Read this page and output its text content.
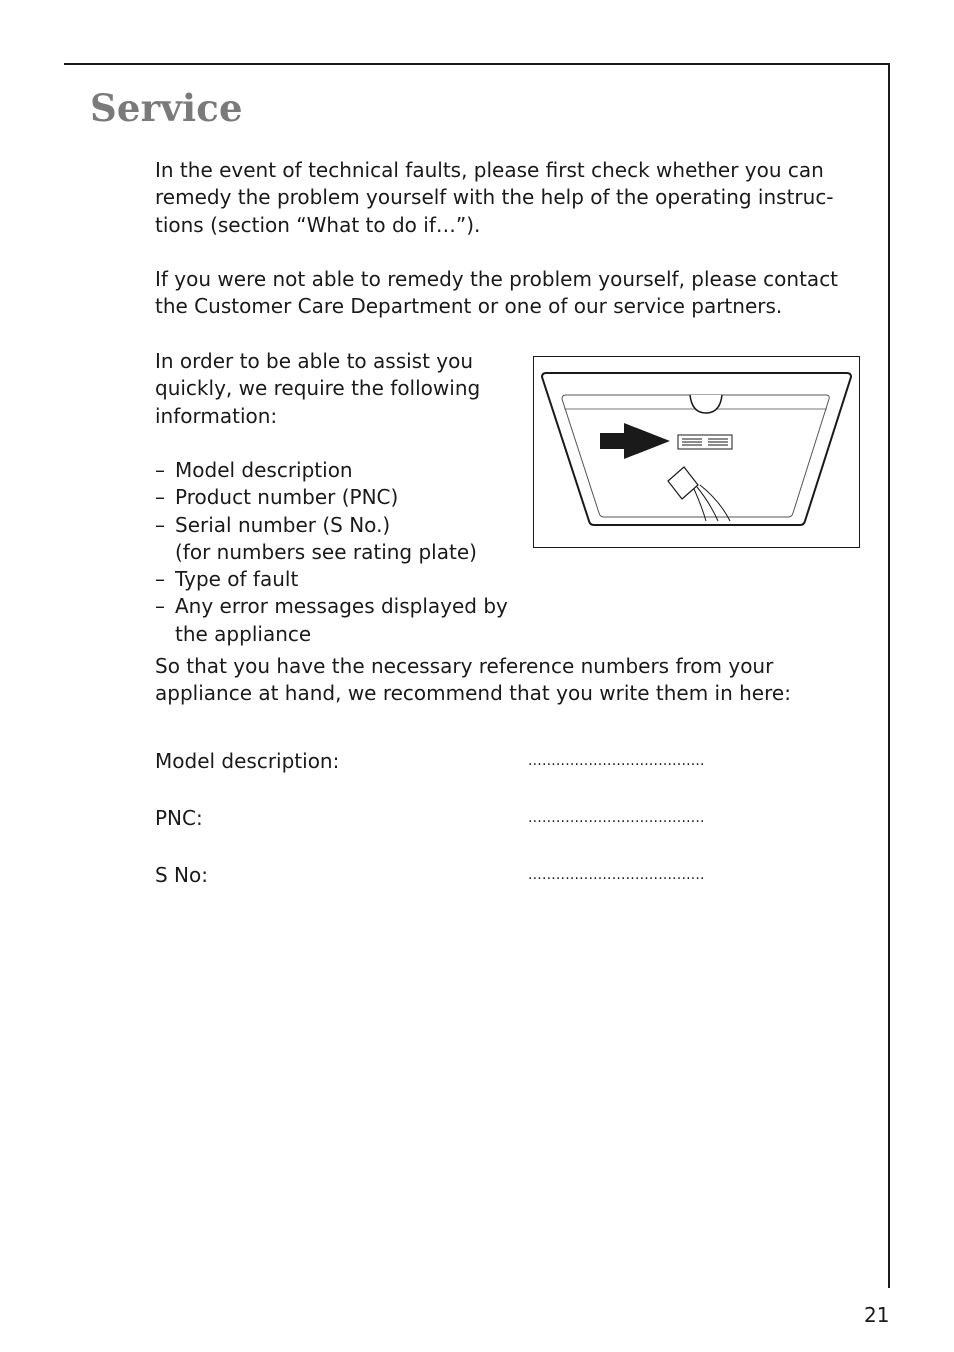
Service

In the event of technical faults, please first check whether you can remedy the problem yourself with the help of the operating instruc-tions (section “What to do if…”).

If you were not able to remedy the problem yourself, please contact the Customer Care Department or one of our service partners.

In order to be able to assist you quickly, we require the following information:

– Model description
– Product number (PNC)
– Serial number (S No.)
(for numbers see rating plate)
– Type of fault
– Any error messages displayed by
the appliance

So that you have the necessary reference numbers from your appliance at hand, we recommend that you write them in here:

Model description:	......................................
PNC:	......................................
S No:	......................................
21
